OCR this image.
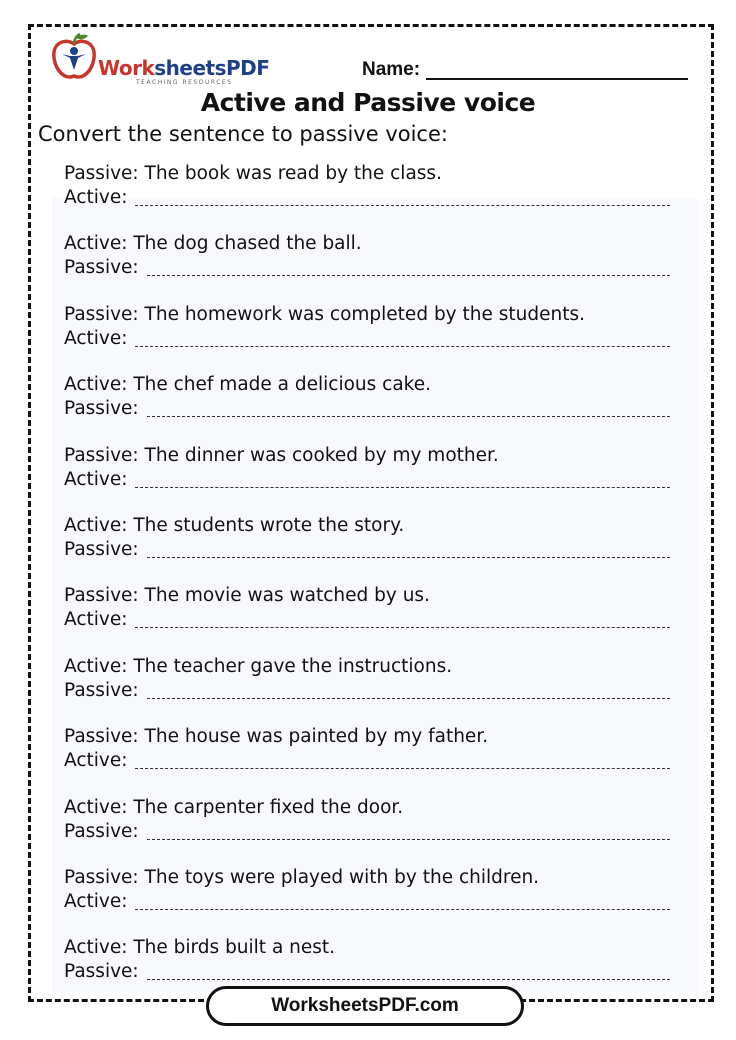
WorksheetsPDF
TEACHING RESOURCES
Name:
Active and Passive voice
Convert the sentence to passive voice:
Passive: The book was read by the class.
Active:
Active: The dog chased the ball.
Passive:
Passive: The homework was completed by the students.
Active:
Active: The chef made a delicious cake.
Passive:
Passive: The dinner was cooked by my mother.
Active:
Active: The students wrote the story.
Passive:
Passive: The movie was watched by us.
Active:
Active: The teacher gave the instructions.
Passive:
Passive: The house was painted by my father.
Active:
Active: The carpenter fixed the door.
Passive:
Passive: The toys were played with by the children.
Active:
Active: The birds built a nest.
Passive:
WorksheetsPDF.com
